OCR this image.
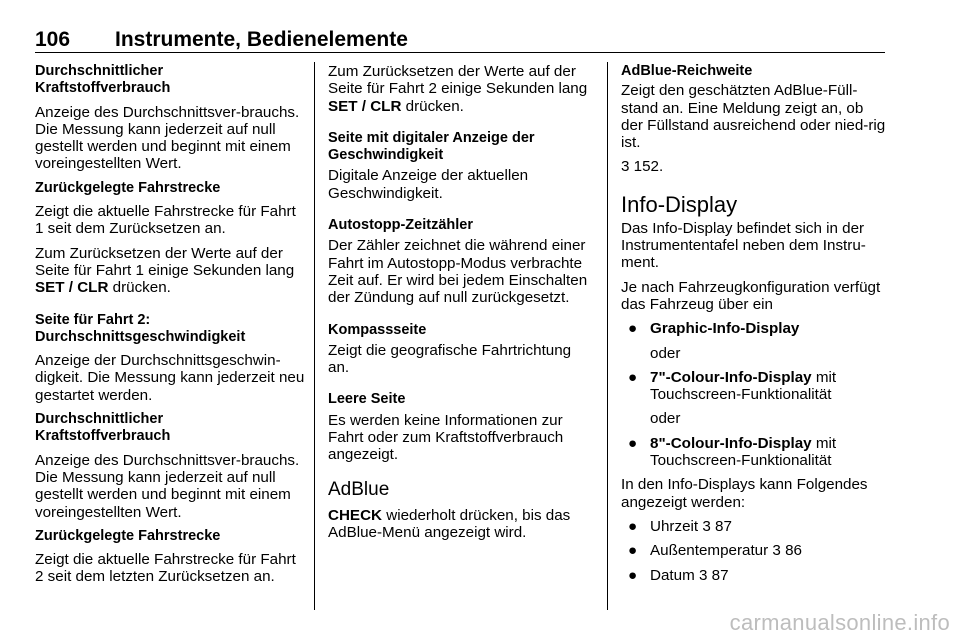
106 Instrumente, Bedienelemente
Durchschnittlicher
Kraftstoffverbrauch

Anzeige des Durchschnittsver-brauchs. Die Messung kann jederzeit auf null gestellt werden und beginnt mit einem voreingestellten Wert.

Zurückgelegte Fahrstrecke

Zeigt die aktuelle Fahrstrecke für Fahrt 1 seit dem Zurücksetzen an.

Zum Zurücksetzen der Werte auf der Seite für Fahrt 1 einige Sekunden lang SET / CLR drücken.

Seite für Fahrt 2:
Durchschnittsgeschwindigkeit

Anzeige der Durchschnittsgeschwin-digkeit. Die Messung kann jederzeit neu gestartet werden.

Durchschnittlicher
Kraftstoffverbrauch

Anzeige des Durchschnittsver-brauchs. Die Messung kann jederzeit auf null gestellt werden und beginnt mit einem voreingestellten Wert.

Zurückgelegte Fahrstrecke

Zeigt die aktuelle Fahrstrecke für Fahrt 2 seit dem letzten Zurücksetzen an.

Zum Zurücksetzen der Werte auf der Seite für Fahrt 2 einige Sekunden lang SET / CLR drücken.

Seite mit digitaler Anzeige der
Geschwindigkeit

Digitale Anzeige der aktuellen Geschwindigkeit.

Autostopp-Zeitzähler

Der Zähler zeichnet die während einer Fahrt im Autostopp-Modus verbrachte Zeit auf. Er wird bei jedem Einschalten der Zündung auf null zurückgesetzt.

Kompassseite

Zeigt die geografische Fahrtrichtung an.

Leere Seite

Es werden keine Informationen zur Fahrt oder zum Kraftstoffverbrauch angezeigt.

AdBlue

CHECK wiederholt drücken, bis das AdBlue-Menü angezeigt wird.

AdBlue-Reichweite

Zeigt den geschätzten AdBlue-Füll-stand an. Eine Meldung zeigt an, ob der Füllstand ausreichend oder nied-rig ist.

3 152.

Info-Display

Das Info-Display befindet sich in der Instrumententafel neben dem Instru-ment.

Je nach Fahrzeugkonfiguration verfügt das Fahrzeug über ein

● Graphic-Info-Display
oder
● 7"-Colour-Info-Display mit Touchscreen-Funktionalität
oder
● 8"-Colour-Info-Display mit Touchscreen-Funktionalität

In den Info-Displays kann Folgendes angezeigt werden:

● Uhrzeit 3 87
● Außentemperatur 3 86
● Datum 3 87
carmanualsonline.info
